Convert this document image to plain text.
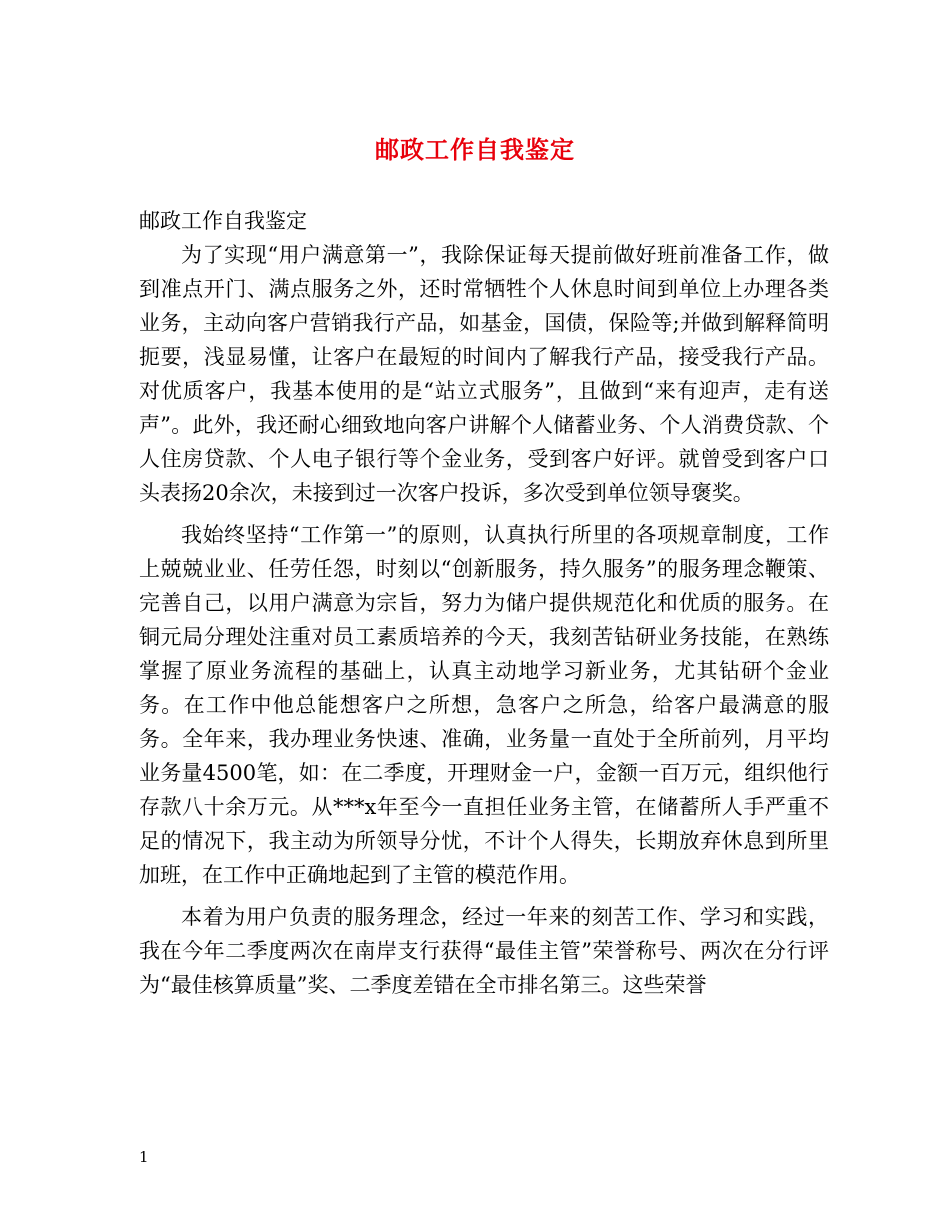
邮政工作自我鉴定

邮政工作自我鉴定

为了实现“用户满意第一”，我除保证每天提前做好班前准备工作，做到准点开门、满点服务之外，还时常牺牲个人休息时间到单位上办理各类业务，主动向客户营销我行产品，如基金，国债，保险等;并做到解释简明扼要，浅显易懂，让客户在最短的时间内了解我行产品，接受我行产品。对优质客户，我基本使用的是“站立式服务”，且做到“来有迎声，走有送声”。此外，我还耐心细致地向客户讲解个人储蓄业务、个人消费贷款、个人住房贷款、个人电子银行等个金业务，受到客户好评。就曾受到客户口头表扬20余次，未接到过一次客户投诉，多次受到单位领导褒奖。

我始终坚持“工作第一”的原则，认真执行所里的各项规章制度，工作上兢兢业业、任劳任怨，时刻以“创新服务，持久服务”的服务理念鞭策、完善自己，以用户满意为宗旨，努力为储户提供规范化和优质的服务。在铜元局分理处注重对员工素质培养的今天，我刻苦钻研业务技能，在熟练掌握了原业务流程的基础上，认真主动地学习新业务，尤其钻研个金业务。在工作中他总能想客户之所想，急客户之所急，给客户最满意的服务。全年来，我办理业务快速、准确，业务量一直处于全所前列，月平均业务量4500笔，如：在二季度，开理财金一户，金额一百万元，组织他行存款八十余万元。从***x年至今一直担任业务主管，在储蓄所人手严重不足的情况下，我主动为所领导分忧，不计个人得失，长期放弃休息到所里加班，在工作中正确地起到了主管的模范作用。

本着为用户负责的服务理念，经过一年来的刻苦工作、学习和实践，我在今年二季度两次在南岸支行获得“最佳主管”荣誉称号、两次在分行评为“最佳核算质量”奖、二季度差错在全市排名第三。这些荣誉

1
